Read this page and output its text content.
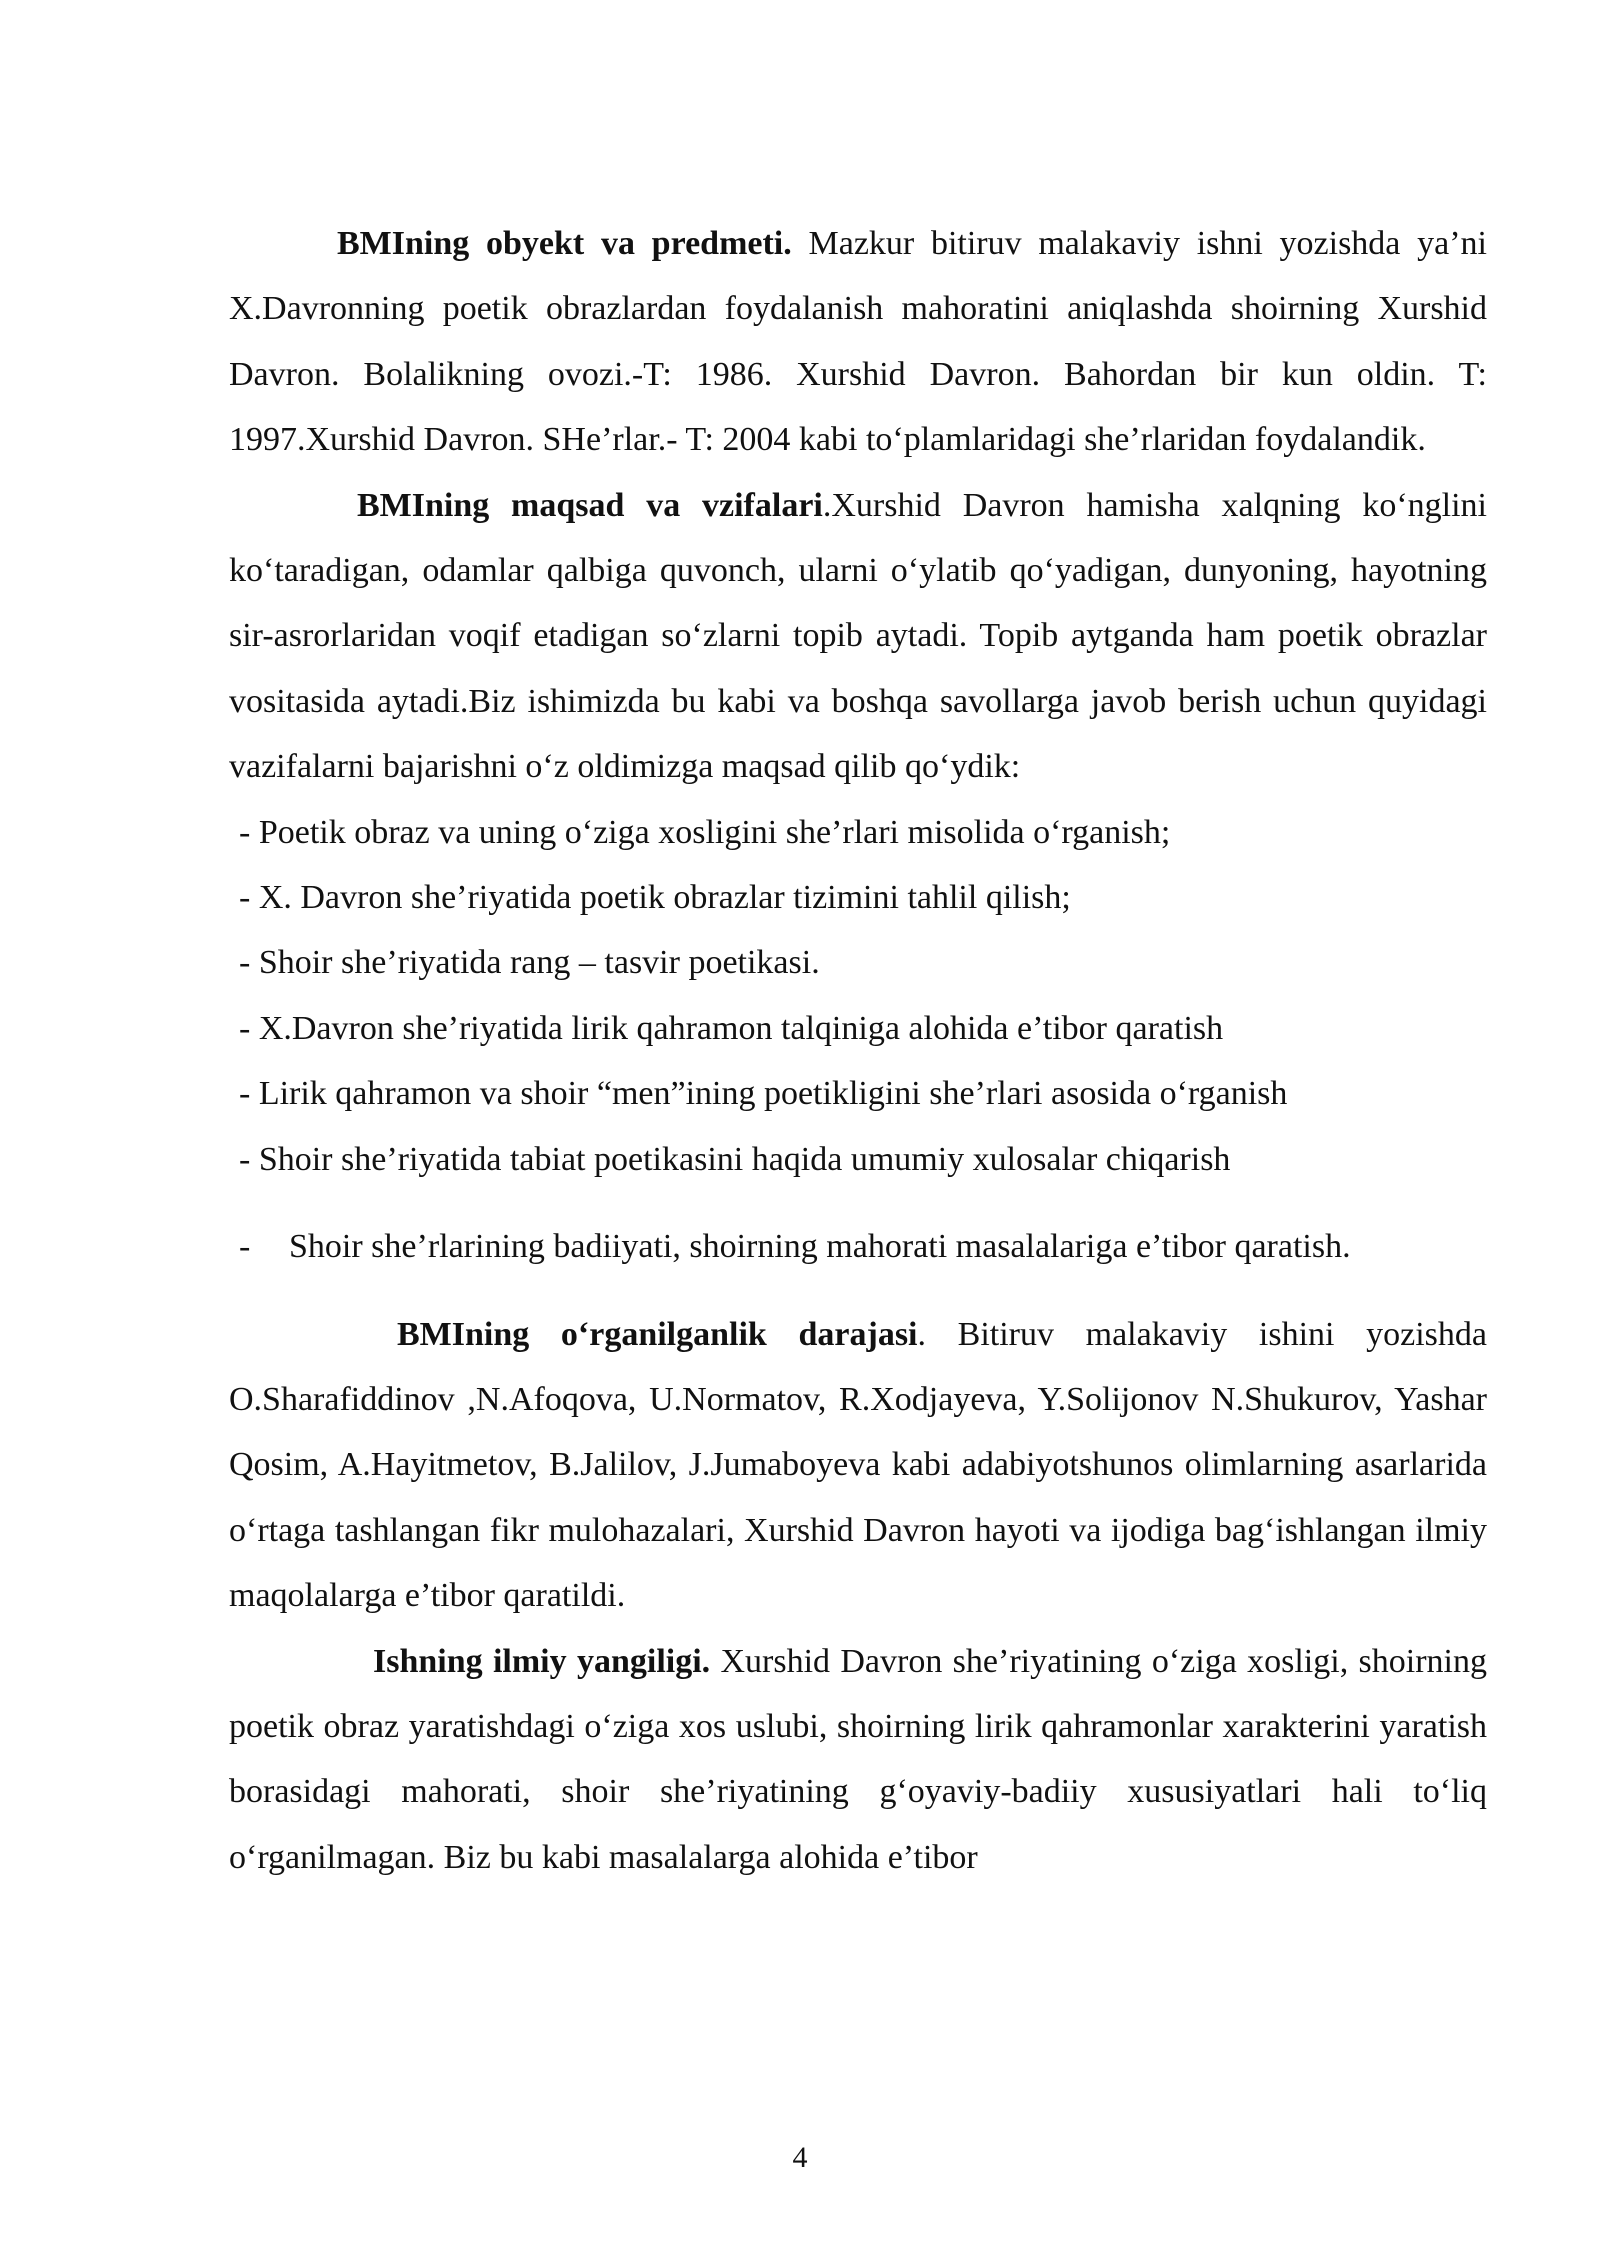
BMIning obyekt va predmeti. Mazkur bitiruv malakaviy ishni yozishda ya’ni X.Davronning poetik obrazlardan foydalanish mahoratini aniqlashda shoirning Xurshid Davron. Bolalikning ovozi.-T: 1986. Xurshid Davron. Bahordan bir kun oldin. T: 1997.Xurshid Davron. SHe’rlar.- T: 2004 kabi to‘plamlaridagi she’rlaridan foydalandik.

BMIning maqsad va vzifalari.Xurshid Davron hamisha xalqning ko‘nglini ko‘taradigan, odamlar qalbiga quvonch, ularni o‘ylatib qo‘yadigan, dunyoning, hayotning sir-asrorlaridan voqif etadigan so‘zlarni topib aytadi. Topib aytganda ham poetik obrazlar vositasida aytadi.Biz ishimizda bu kabi va boshqa savollarga javob berish uchun quyidagi vazifalarni bajarishni o‘z oldimizga maqsad qilib qo‘ydik:

- Poetik obraz va uning o‘ziga xosligini she’rlari misolida o‘rganish;
- X. Davron she’riyatida poetik obrazlar tizimini tahlil qilish;
- Shoir she’riyatida rang – tasvir poetikasi.
- X.Davron she’riyatida lirik qahramon talqiniga alohida e’tibor qaratish
- Lirik qahramon va shoir “men”ining poetikligini she’rlari asosida o‘rganish
- Shoir she’riyatida tabiat poetikasini haqida umumiy xulosalar chiqarish
- Shoir she’rlarining badiiyati, shoirning mahorati masalalariga e’tibor qaratish.

BMIning o‘rganilganlik darajasi. Bitiruv malakaviy ishini yozishda O.Sharafiddinov ,N.Afoqova, U.Normatov, R.Xodjayeva, Y.Solijonov N.Shukurov, Yashar Qosim, A.Hayitmetov, B.Jalilov, J.Jumaboyeva kabi adabiyotshunos olimlarning asarlarida o‘rtaga tashlangan fikr mulohazalari, Xurshid Davron hayoti va ijodiga bag‘ishlangan ilmiy maqolalarga e’tibor qaratildi.

Ishning ilmiy yangiligi. Xurshid Davron she’riyatining o‘ziga xosligi, shoirning poetik obraz yaratishdagi o‘ziga xos uslubi, shoirning lirik qahramonlar xarakterini yaratish borasidagi mahorati, shoir she’riyatining g‘oyaviy-badiiy xususiyatlari hali to‘liq o‘rganilmagan. Biz bu kabi masalalarga alohida e’tibor

4
